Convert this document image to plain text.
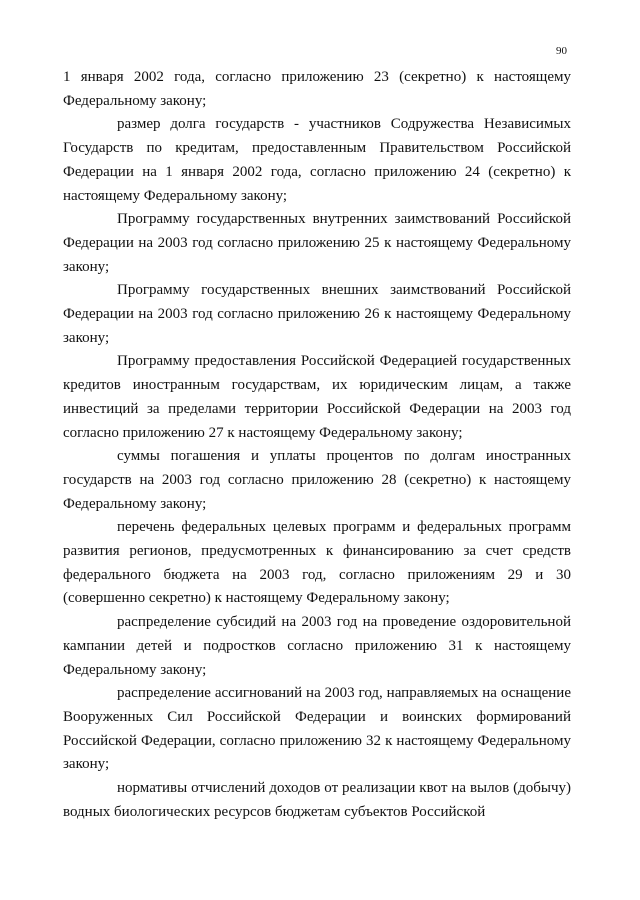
90

1 января 2002 года, согласно приложению 23 (секретно) к настоящему Федеральному закону;

размер долга государств - участников Содружества Независимых Государств по кредитам, предоставленным Правительством Российской Федерации на 1 января 2002 года, согласно приложению 24 (секретно) к настоящему Федеральному закону;

Программу государственных внутренних заимствований Российской Федерации на 2003 год согласно приложению 25 к настоящему Федеральному закону;

Программу государственных внешних заимствований Российской Федерации на 2003 год согласно приложению 26 к настоящему Федеральному закону;

Программу предоставления Российской Федерацией государственных кредитов иностранным государствам, их юридическим лицам, а также инвестиций за пределами территории Российской Федерации на 2003 год согласно приложению 27 к настоящему Федеральному закону;

суммы погашения и уплаты процентов по долгам иностранных государств на 2003 год согласно приложению 28 (секретно) к настоящему Федеральному закону;

перечень федеральных целевых программ и федеральных программ развития регионов, предусмотренных к финансированию за счет средств федерального бюджета на 2003 год, согласно приложениям 29 и 30 (совершенно секретно) к настоящему Федеральному закону;

распределение субсидий на 2003 год на проведение оздоровительной кампании детей и подростков согласно приложению 31 к настоящему Федеральному закону;

распределение ассигнований на 2003 год, направляемых на оснащение Вооруженных Сил Российской Федерации и воинских формирований Российской Федерации, согласно приложению 32 к настоящему Федеральному закону;

нормативы отчислений доходов от реализации квот на вылов (добычу) водных биологических ресурсов бюджетам субъектов Российской
